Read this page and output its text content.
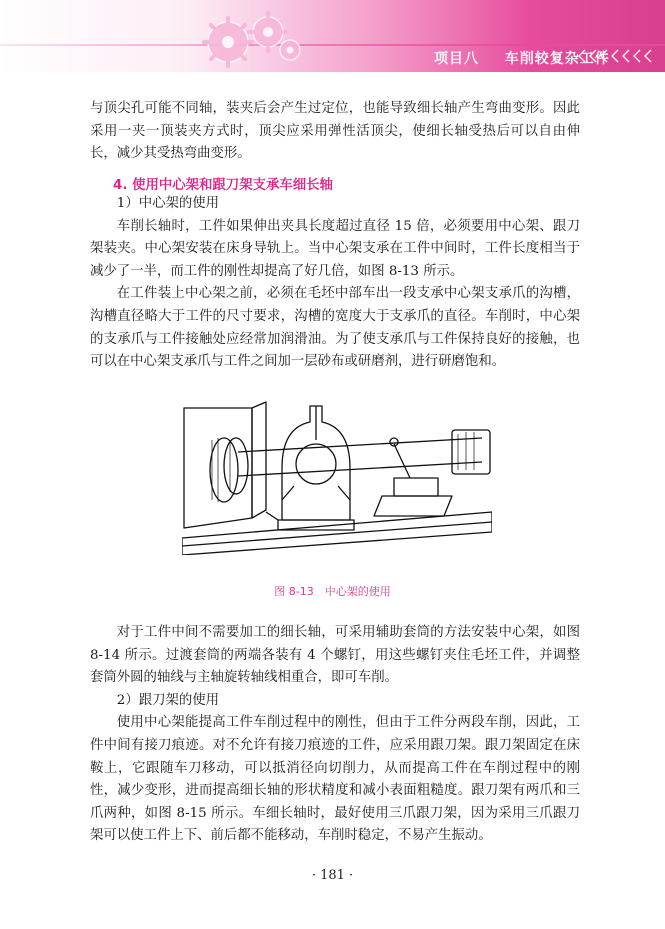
项目八 车削较复杂工件

与顶尖孔可能不同轴，装夹后会产生过定位，也能导致细长轴产生弯曲变形。因此采用一夹一顶装夹方式时，顶尖应采用弹性活顶尖，使细长轴受热后可以自由伸长，减少其受热弯曲变形。

4. 使用中心架和跟刀架支承车细长轴

1）中心架的使用

车削长轴时，工件如果伸出夹具长度超过直径 15 倍，必须要用中心架、跟刀架装夹。中心架安装在床身导轨上。当中心架支承在工件中间时，工件长度相当于减少了一半，而工件的刚性却提高了好几倍，如图 8-13 所示。

在工件装上中心架之前，必须在毛坯中部车出一段支承中心架支承爪的沟槽，沟槽直径略大于工件的尺寸要求，沟槽的宽度大于支承爪的直径。车削时，中心架的支承爪与工件接触处应经常加润滑油。为了使支承爪与工件保持良好的接触，也可以在中心架支承爪与工件之间加一层砂布或研磨剂，进行研磨饱和。

图 8-13　中心架的使用

对于工件中间不需要加工的细长轴，可采用辅助套筒的方法安装中心架，如图 8-14 所示。过渡套筒的两端各装有 4 个螺钉，用这些螺钉夹住毛坯工件，并调整套筒外圆的轴线与主轴旋转轴线相重合，即可车削。

2）跟刀架的使用

使用中心架能提高工件车削过程中的刚性，但由于工件分两段车削，因此，工件中间有接刀痕迹。对不允许有接刀痕迹的工件，应采用跟刀架。跟刀架固定在床鞍上，它跟随车刀移动，可以抵消径向切削力，从而提高工件在车削过程中的刚性，减少变形，进而提高细长轴的形状精度和减小表面粗糙度。跟刀架有两爪和三爪两种，如图 8-15 所示。车细长轴时，最好使用三爪跟刀架，因为采用三爪跟刀架可以使工件上下、前后都不能移动，车削时稳定，不易产生振动。

· 181 ·
